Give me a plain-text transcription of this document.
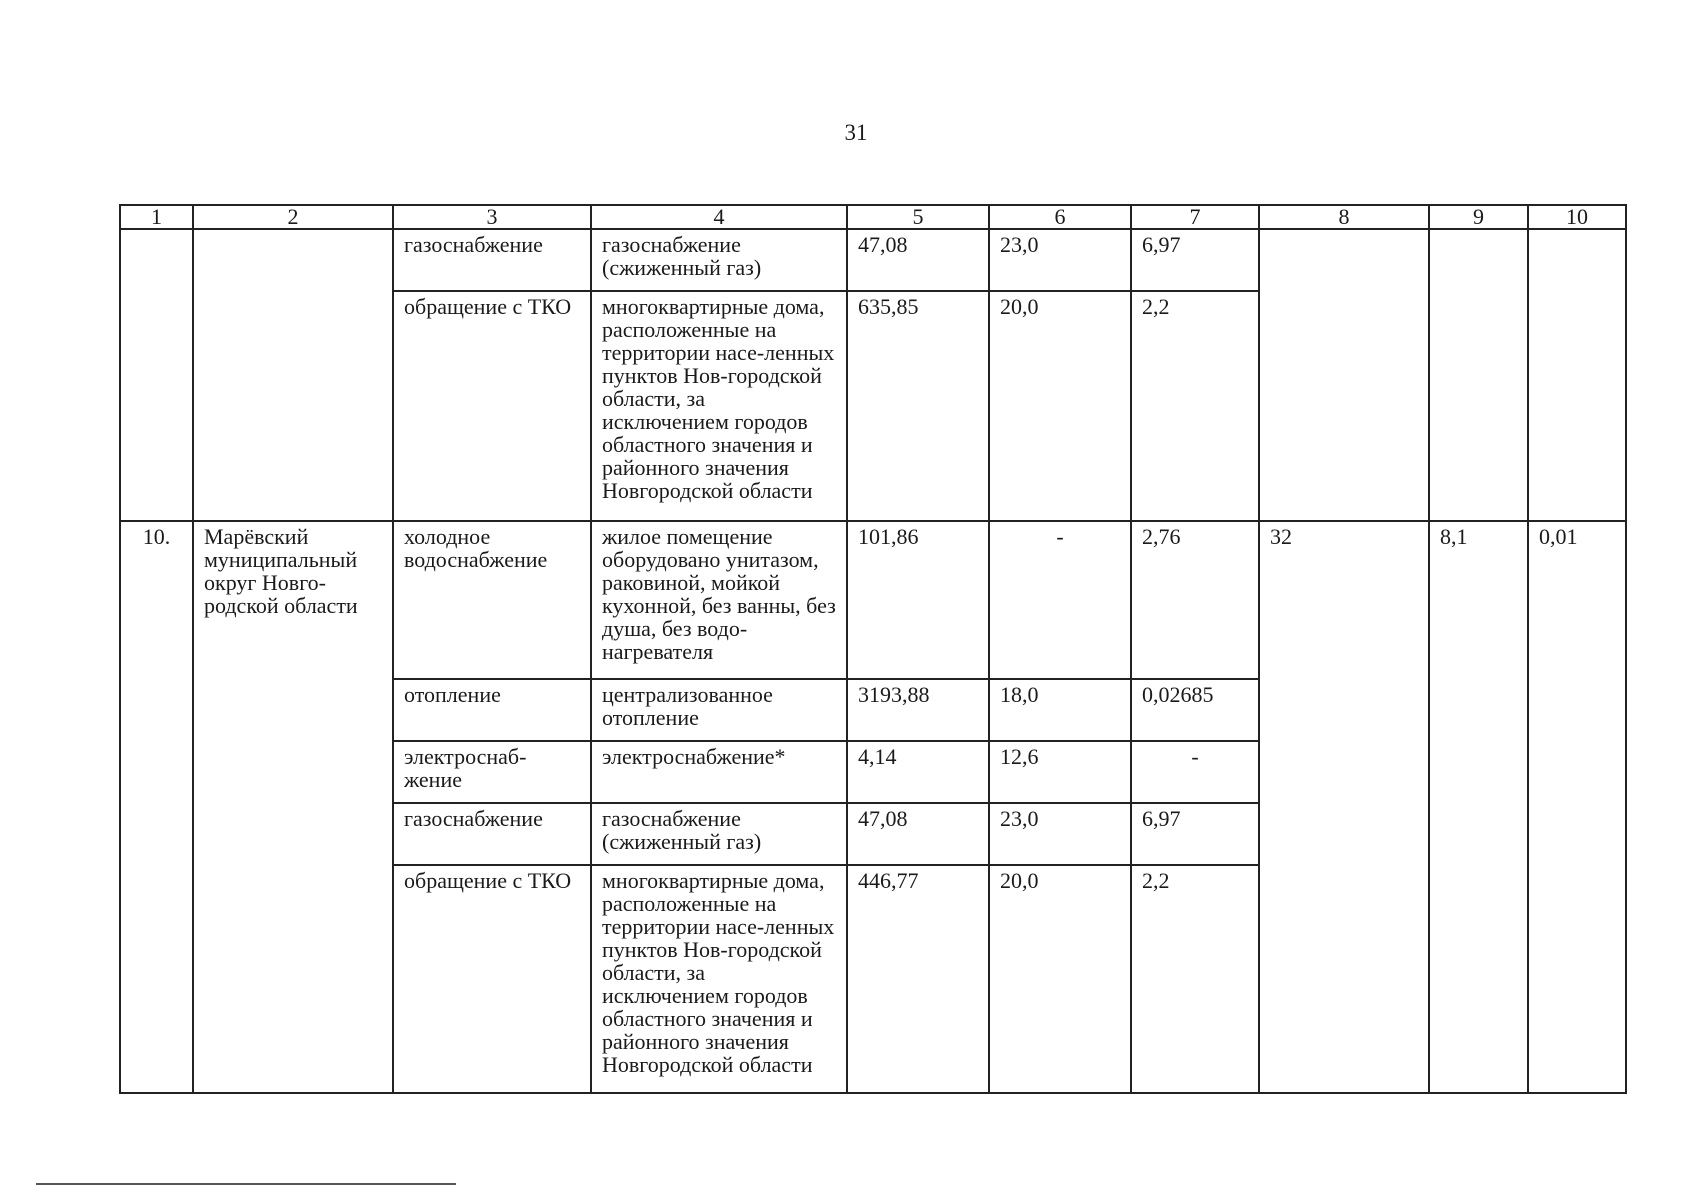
31
1	2	3	4	5	6	7	8	9	10
		газоснабжение	газоснабжение (сжиженный газ)	47,08	23,0	6,97			
		обращение с ТКО	многоквартирные дома, расположенные на территории насе-ленных пунктов Нов-городской области, за исключением городов областного значения и районного значения Новгородской области	635,85	20,0	2,2			
10.	Марёвский муниципальный округ Новго-родской области	холодное водоснабжение	жилое помещение оборудовано унитазом, раковиной, мойкой кухонной, без ванны, без душа, без водо-нагревателя	101,86	-	2,76	32	8,1	0,01
		отопление	централизованное отопление	3193,88	18,0	0,02685			
		электроснаб-жение	электроснабжение*	4,14	12,6	-			
		газоснабжение	газоснабжение (сжиженный газ)	47,08	23,0	6,97			
		обращение с ТКО	многоквартирные дома, расположенные на территории насе-ленных пунктов Нов-городской области, за исключением городов областного значения и районного значения Новгородской области	446,77	20,0	2,2			
